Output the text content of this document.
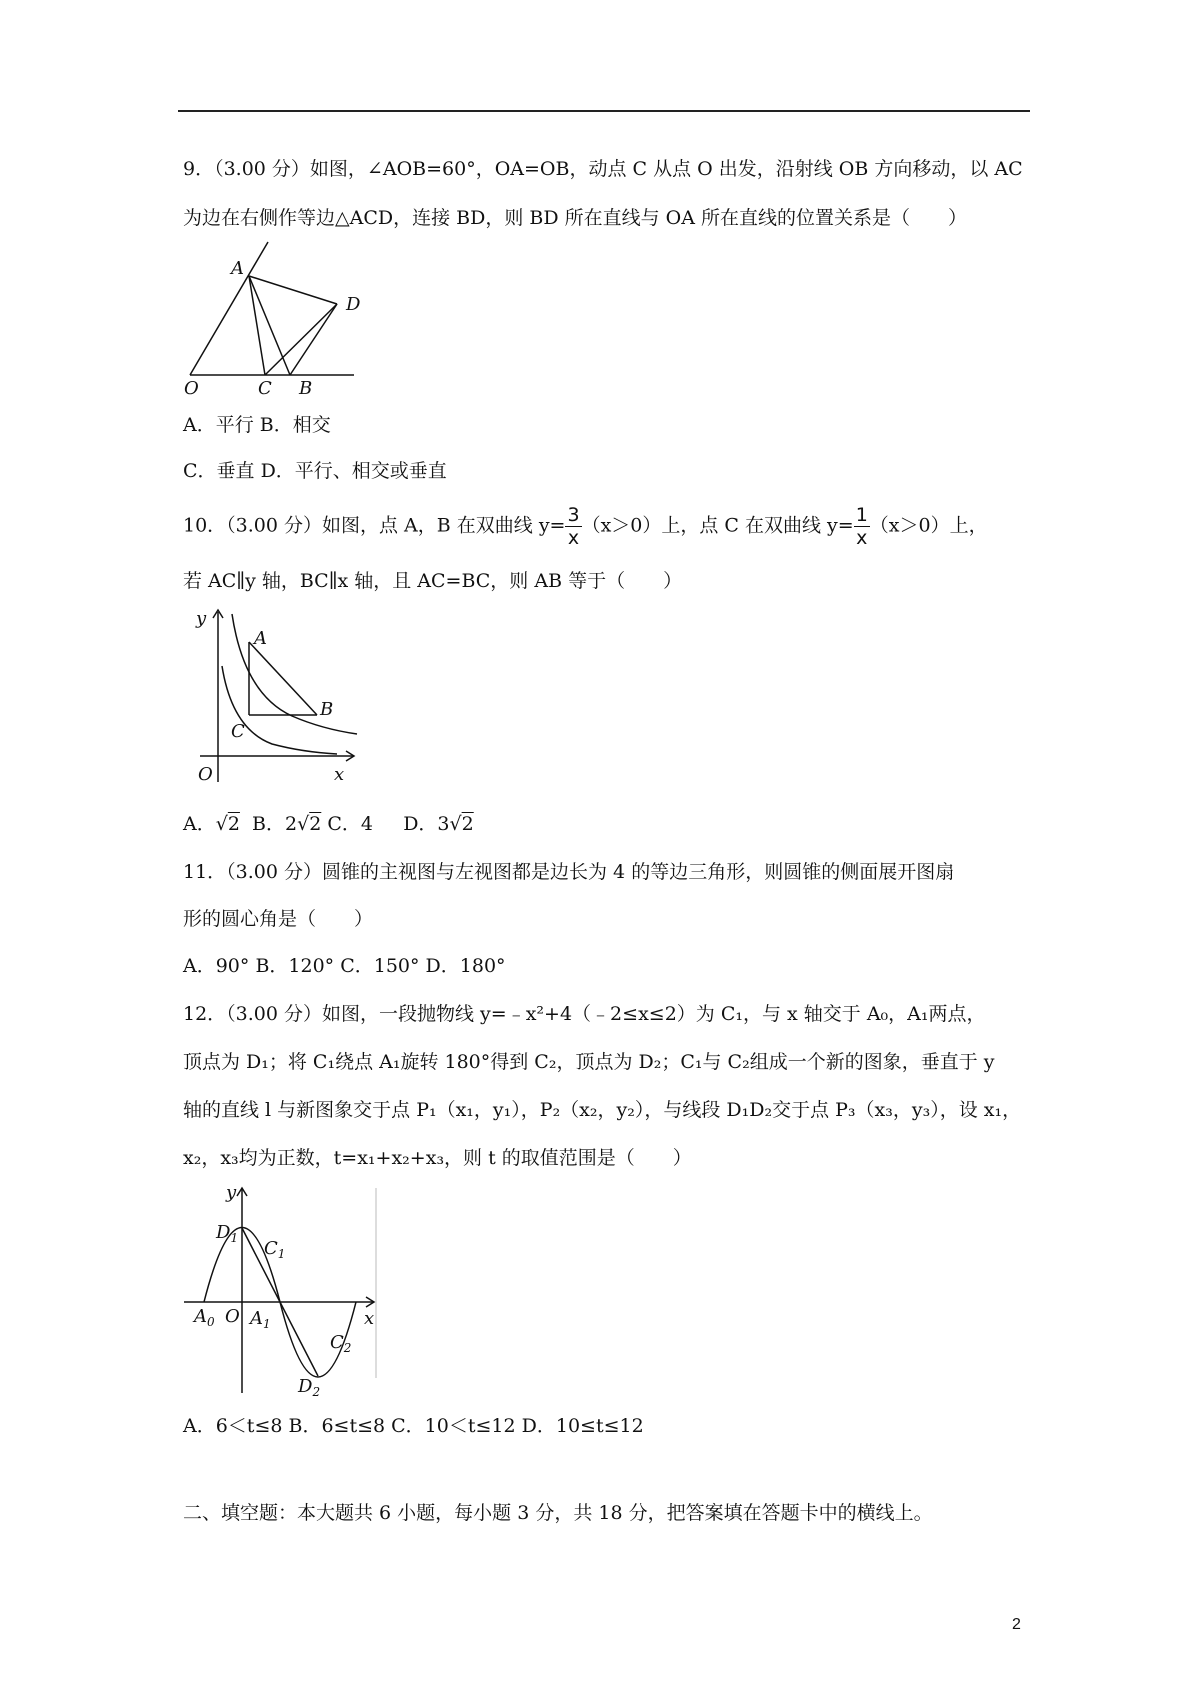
9．（3.00 分）如图，∠AOB=60°，OA=OB，动点 C 从点 O 出发，沿射线 OB 方向移动，以 AC
为边在右侧作等边△ACD，连接 BD，则 BD 所在直线与 OA 所在直线的位置关系是（　　）
A
D
O	C B
A．平行 B．相交
C．垂直 D．平行、相交或垂直
10．（3.00 分）如图，点 A，B 在双曲线 $y= \frac{3}{x} (x>0)$上，点 C 在双曲线 $y= \frac{1}{x} (x>0)$上，
若 AC∥y 轴，BC∥x 轴，且 AC=BC，则 AB 等于（　　）
y
A
B
C
O	x
A．√2 B．2√2 C．4 D．3√2
11．（3.00 分）圆锥的主视图与左视图都是边长为 4 的等边三角形，则圆锥的侧面展开图扇
形的圆心角是（　　）
A．90° B．120° C．150° D．180°
12．（3.00 分）如图，一段抛物线 y=﹣x²+4（﹣2≤x≤2）为 C₁，与 x 轴交于 A₀，A₁两点，
顶点为 D₁；将 C₁绕点 A₁旋转 180°得到 C₂，顶点为 D₂；C₁与 C₂组成一个新的图象，垂直于 y
轴的直线 l 与新图象交于点 P₁（x₁，y₁），P₂（x₂，y₂），与线段 D₁D₂交于点 P₃（x₃，y₃），设 x₁，
x₂，x₃均为正数，t=x₁+x₂+x₃，则 t 的取值范围是（　　）
y
$D_1$ $C_1$
$A_0$ O $A_1$	x
$C_2$
$D_2$
A．6＜t≤8 B．6≤t≤8 C．10＜t≤12 D．10≤t≤12
二、填空题：本大题共 6 小题，每小题 3 分，共 18 分，把答案填在答题卡中的横线上。
2
